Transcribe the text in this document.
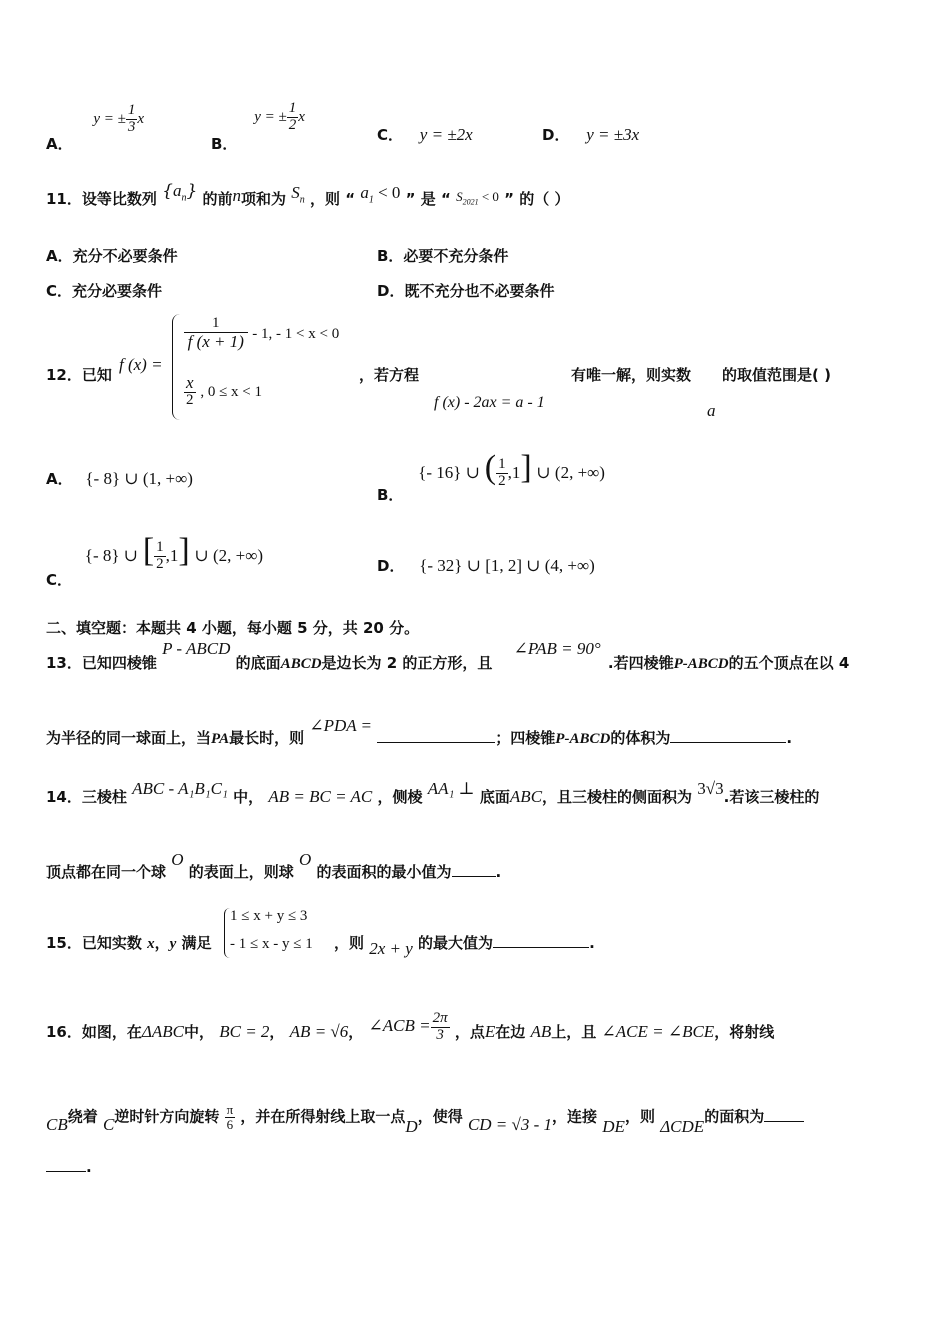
A． y = ± $\frac{1}{3}$ x
B． y = ± $\frac{1}{2}$ x
C． y = ±2x	D． y = ±3x
11．设等比数列 $\{a_n\}$ 的前n项和为 $S_n$ ，则 “ $a_1 < 0$ ” 是 “ $S_{2021} < 0$ ” 的（ ）
A．充分不必要条件	B．必要不充分条件
C．充分必要条件	D．既不充分也不必要条件
12．已知
f (x) =
$\frac{1}{f (x + 1)} - 1$, - 1 < x < 0
$\frac{x}{2}$ , 0 ≤ x < 1
，若方程
f (x) - 2ax = a - 1
有唯一解，则实数
a
的取值范围是( )
A． {- 8} ∪ (1, +∞)
B． {- 16} ∪ ( $\frac{1}{2} ,1$] ∪ (2, +∞)
C． {- 8} ∪ [ $\frac{1}{2} ,1$] ∪ (2, +∞)
D． {- 32} ∪ [1, 2] ∪ (4, +∞)
二、填空题：本题共 4 小题，每小题 5 分，共 20 分。
13．已知四棱锥 P - ABCD 的底面ABCD是边长为 2 的正方形，且 ∠PAB = 90° .若四棱锥P-ABCD的五个顶点在以 4
为半径的同一球面上，当PA最长时，则 ∠PDA = ；四棱锥P-ABCD的体积为	.
14．三棱柱 ABC - A₁B₁C₁ 中， AB = BC = AC ，侧棱 AA₁ ⊥ 底面ABC，且三棱柱的侧面积为 3√3.若该三棱柱的
顶点都在同一个球 O 的表面上，则球 O 的表面积的最小值为	.
15．已知实数 x，y 满足
1 ≤ x + y ≤ 3
- 1 ≤ x - y ≤ 1 ，则 2x + y 的最大值为	.
16．如图，在ΔABC中， BC = 2， AB = √6， ∠ACB = $\frac{2\pi}{3}$ ，点E在边 AB上，且 ∠ACE = ∠BCE，将射线
CB绕着 C逆时针方向旋转 $\frac{\pi}{6}$ ，并在所得射线上取一点D，使得 CD = √3 - 1，连接 DE，则 ΔCDE的面积为
.
